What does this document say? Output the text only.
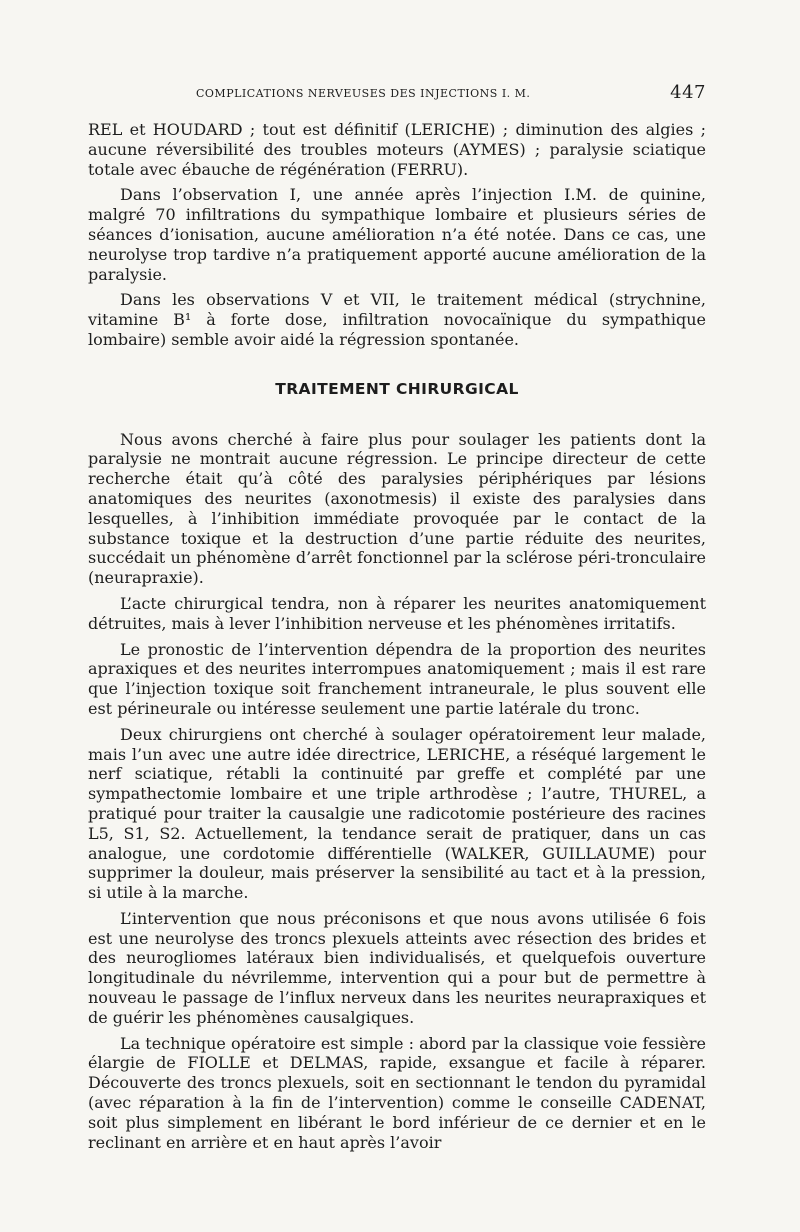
COMPLICATIONS NERVEUSES DES INJECTIONS I. M.	447

REL et HOUDARD ; tout est définitif (LERICHE) ; diminution des algies ; aucune réversibilité des troubles moteurs (AYMES) ; paralysie sciatique totale avec ébauche de régénération (FERRU).

Dans l’observation I, une année après l’injection I.M. de quinine, malgré 70 infiltrations du sympathique lombaire et plusieurs séries de séances d’ionisation, aucune amélioration n’a été notée. Dans ce cas, une neurolyse trop tardive n’a pratiquement apporté aucune amélioration de la paralysie.

Dans les observations V et VII, le traitement médical (strychnine, vitamine B¹ à forte dose, infiltration novocaïnique du sympathique lombaire) semble avoir aidé la régression spontanée.

TRAITEMENT CHIRURGICAL

Nous avons cherché à faire plus pour soulager les patients dont la paralysie ne montrait aucune régression. Le principe directeur de cette recherche était qu’à côté des paralysies périphériques par lésions anatomiques des neurites (axonotmesis) il existe des paralysies dans lesquelles, à l’inhibition immédiate provoquée par le contact de la substance toxique et la destruction d’une partie réduite des neurites, succédait un phénomène d’arrêt fonctionnel par la sclérose péri-tronculaire (neurapraxie).

L’acte chirurgical tendra, non à réparer les neurites anatomiquement détruites, mais à lever l’inhibition nerveuse et les phénomènes irritatifs.

Le pronostic de l’intervention dépendra de la proportion des neurites apraxiques et des neurites interrompues anatomiquement ; mais il est rare que l’injection toxique soit franchement intraneurale, le plus souvent elle est périneurale ou intéresse seulement une partie latérale du tronc.

Deux chirurgiens ont cherché à soulager opératoirement leur malade, mais l’un avec une autre idée directrice, LERICHE, a réséqué largement le nerf sciatique, rétabli la continuité par greffe et complété par une sympathectomie lombaire et une triple arthrodèse ; l’autre, THUREL, a pratiqué pour traiter la causalgie une radicotomie postérieure des racines L5, S1, S2. Actuellement, la tendance serait de pratiquer, dans un cas analogue, une cordotomie différentielle (WALKER, GUILLAUME) pour supprimer la douleur, mais préserver la sensibilité au tact et à la pression, si utile à la marche.

L’intervention que nous préconisons et que nous avons utilisée 6 fois est une neurolyse des troncs plexuels atteints avec résection des brides et des neurogliomes latéraux bien individualisés, et quelquefois ouverture longitudinale du névrilemme, intervention qui a pour but de permettre à nouveau le passage de l’influx nerveux dans les neurites neurapraxiques et de guérir les phénomènes causalgiques.

La technique opératoire est simple : abord par la classique voie fessière élargie de FIOLLE et DELMAS, rapide, exsangue et facile à réparer. Découverte des troncs plexuels, soit en sectionnant le tendon du pyramidal (avec réparation à la fin de l’intervention) comme le conseille CADENAT, soit plus simplement en libérant le bord inférieur de ce dernier et en le reclinant en arrière et en haut après l’avoir
